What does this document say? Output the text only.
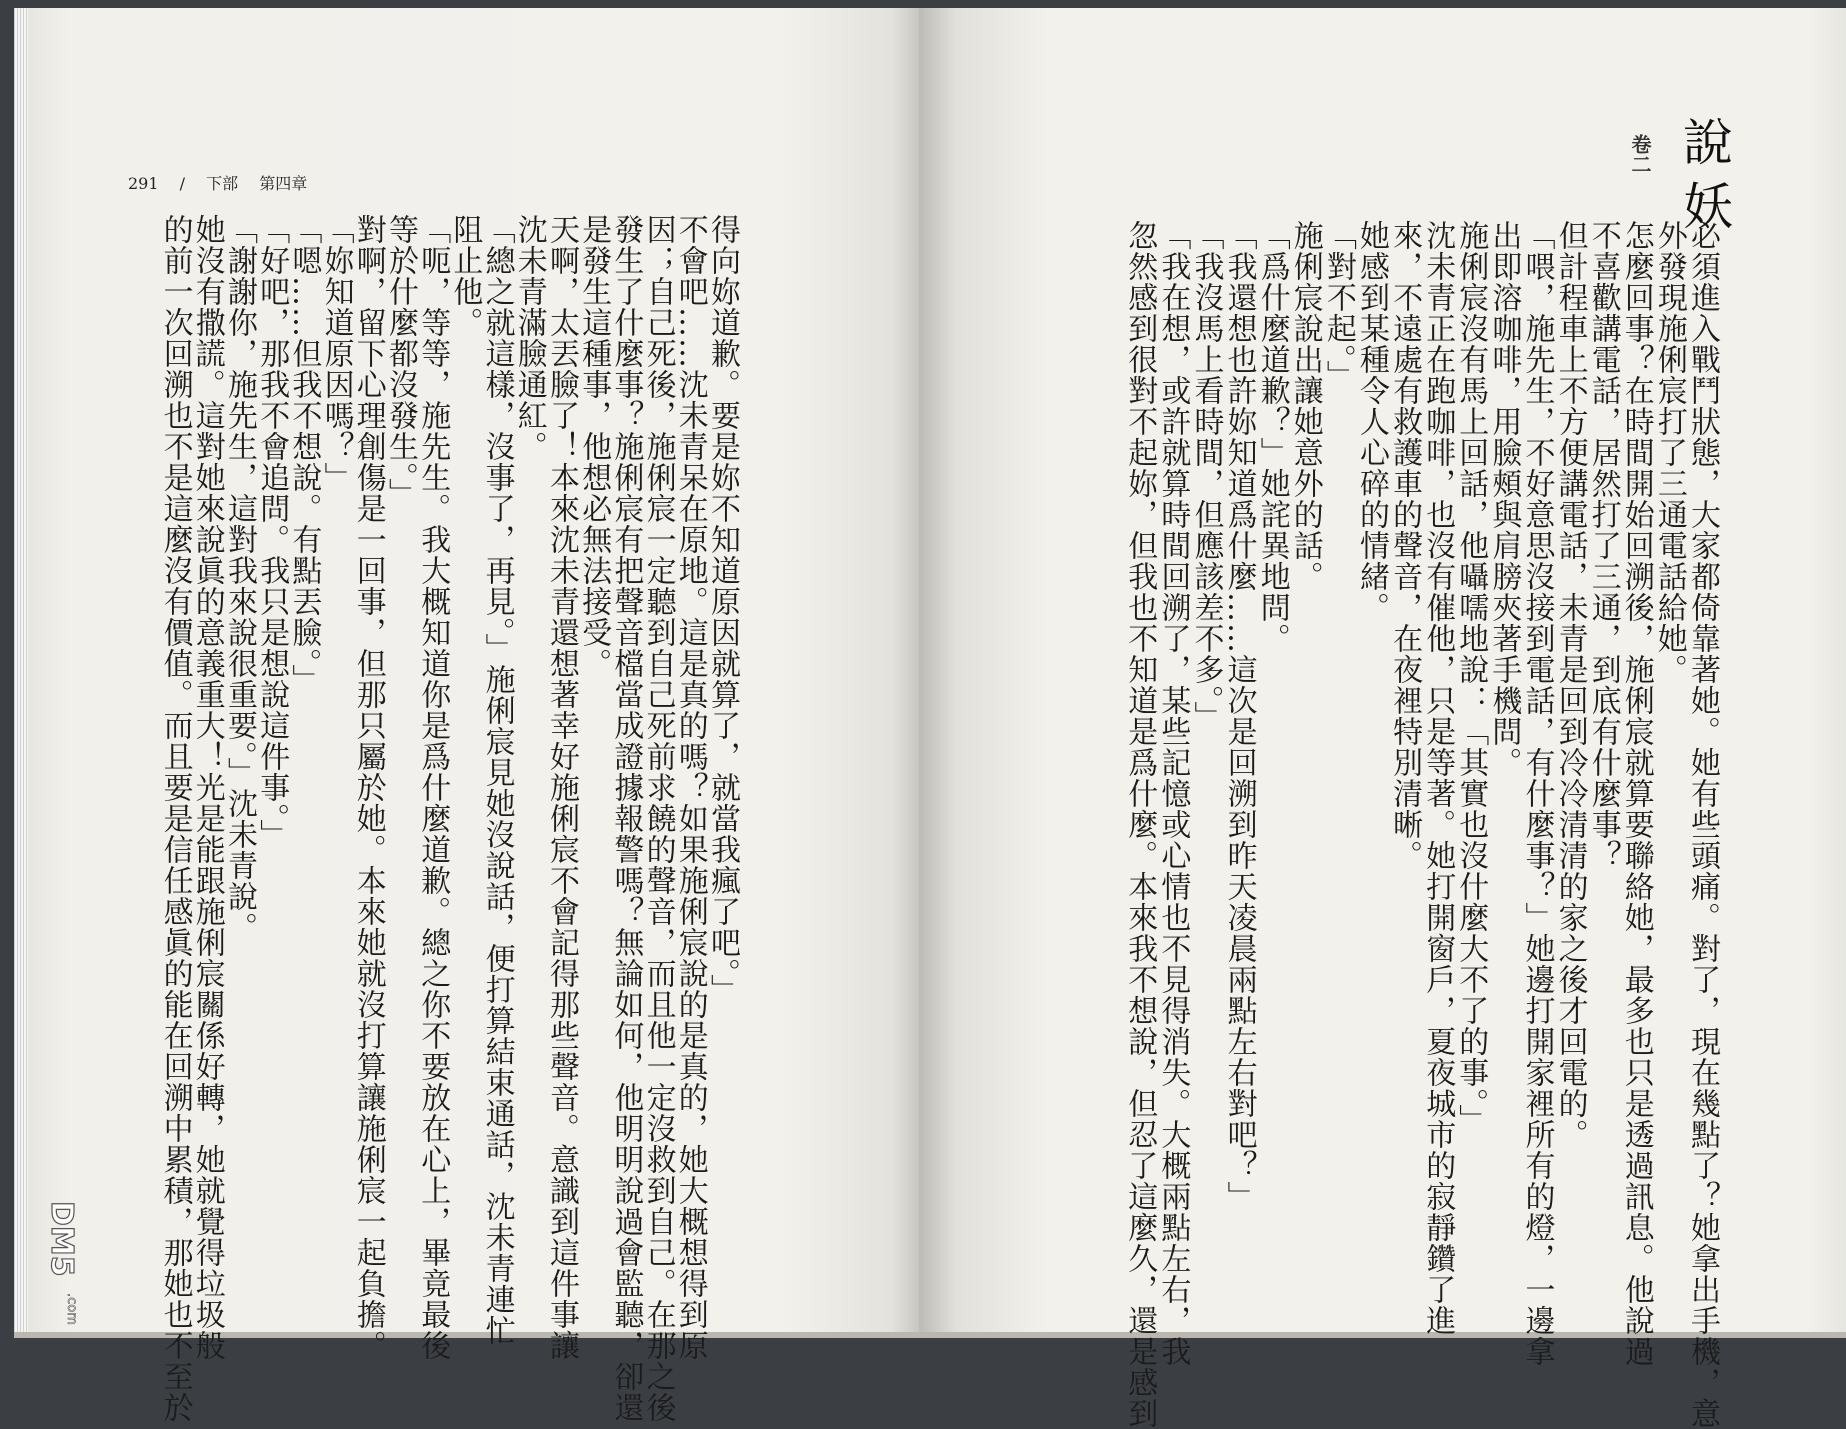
291 / 下部 第四章
得向妳道歉。要是妳不知道原因就算了，就當我瘋了吧。」
不會吧……沈未青呆在原地。這是真的嗎？如果施俐宸說的是真的，她大概想得到原
因；自己死後，施俐宸一定聽到自己死前求饒的聲音，而且他一定沒救到自己。在那之後
發生了什麼事？施俐宸有把聲音檔當成證據報警嗎？無論如何，他明明說過會監聽，卻還
是發生這種事，他想必無法接受。
天啊，太丟臉了！本來沈未青還想著幸好施俐宸不會記得那些聲音。意識到這件事讓
沈未青滿臉通紅。
「總之就這樣，沒事了，再見。」施俐宸見她沒說話，便打算結束通話，沈未青連忙
阻止他。
「呃，等等，施先生。我大概知道你是爲什麼道歉。總之你不要放在心上，畢竟最後
等於什麼都沒發生。」
對啊，留下心理創傷是一回事，但那只屬於她。本來她就沒打算讓施俐宸一起負擔。
「妳知道原因嗎？」
「嗯……但我不想說。有點丟臉。」
「好吧，那我不會追問。我只是想說這件事。」
「謝謝你，施先生，這對我來說很重要。」沈未青說。
她沒有撒謊。這對她來說眞的意義重大！光是能跟施俐宸關係好轉，她就覺得垃圾般
的前一次回溯也不是這麼沒有價值。而且要是信任感眞的能在回溯中累積，那她也不至於	必須進入戰鬥狀態，大家都倚靠著她。她有些頭痛。對了，現在幾點了？她拿出手機，意
外發現施俐宸打了三通電話給她。
怎麼回事？在時間開始回溯後，施俐宸就算要聯絡她，最多也只是透過訊息。他說過
不喜歡講電話，居然打了三通，到底有什麼事？
但計程車上不方便講電話，未青是回到冷冷清清的家之後才回電的。
「喂，施先生，不好意思沒接到電話，有什麼事？」她邊打開家裡所有的燈，一邊拿
出即溶咖啡，用臉頰與肩膀夾著手機問。
施俐宸沒有馬上回話，他囁嚅地說：「其實也沒什麼大不了的事。」
沈未青正在跑咖啡，也沒有催他，只是等著。她打開窗戶，夏夜城市的寂靜鑽了進
來，不遠處有救護車的聲音，在夜裡特別清晰。
她感到某種令人心碎的情緒。
「對不起。」
施俐宸說出讓她意外的話。
「爲什麼道歉？」她詫異地問。
「我還想也許妳知道爲什麼……這次是回溯到昨天凌晨兩點左右對吧？」
「我沒馬上看時間，但應該差不多。」
「我在想，或許就算時間回溯了，某些記憶或心情也不見得消失。大概兩點左右，我
忽然感到很對不起妳，但我也不知道是爲什麼。本來我不想說，但忍了這麼久，還是感到

卷二 說
妖
DM5
.com
